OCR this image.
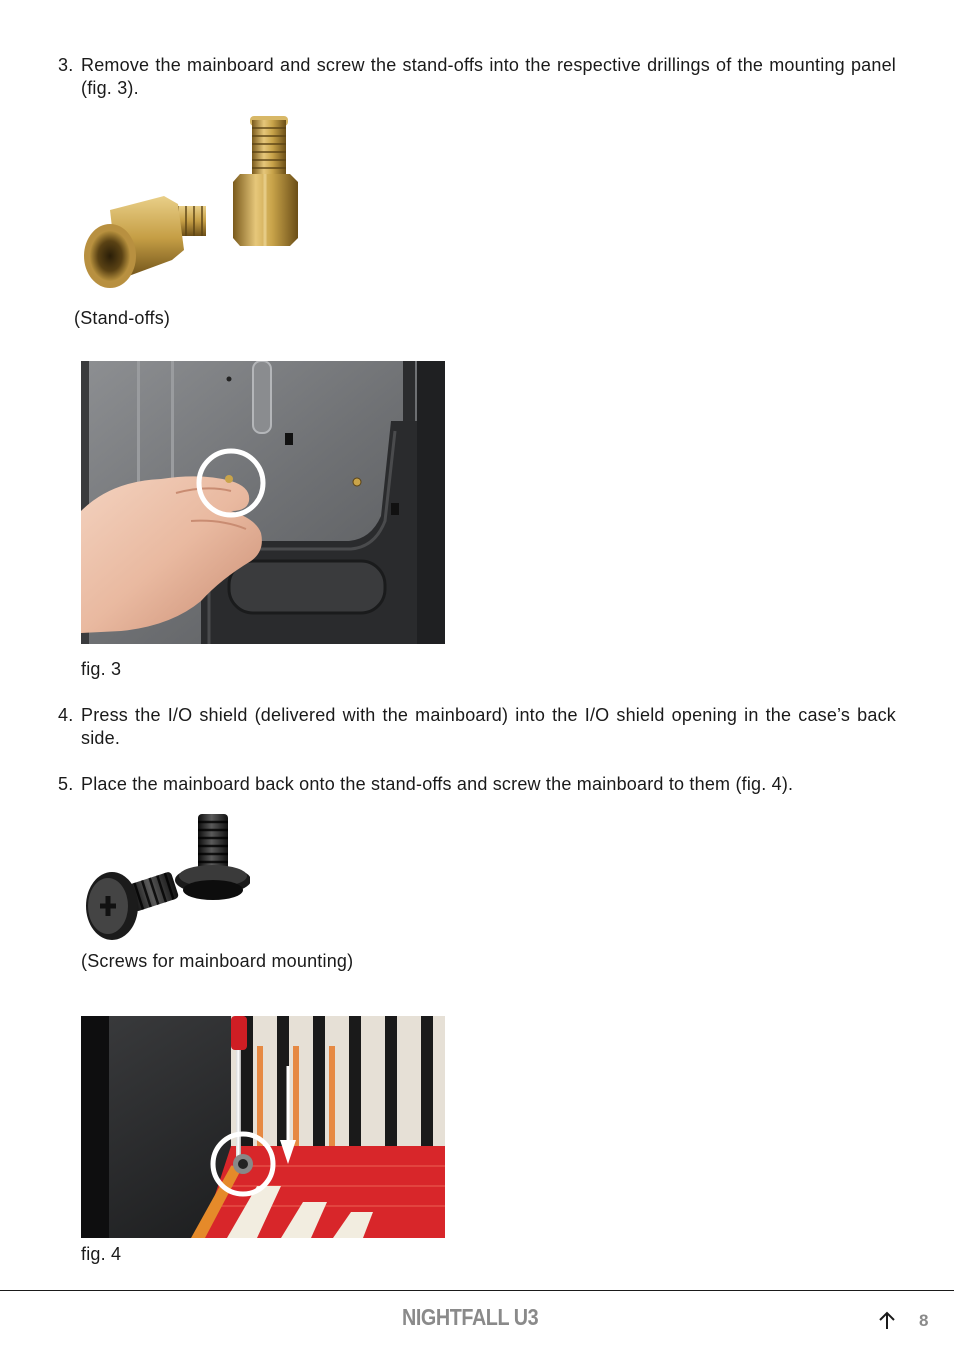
3. Remove the mainboard and screw the stand-offs into the respective drillings of the mounting panel (fig. 3).
(Stand-offs)
fig. 3
4. Press the I/O shield (delivered with the mainboard) into the I/O shield opening in the case’s back side.
5. Place the mainboard back onto the stand-offs and screw the mainboard to them (fig. 4).
(Screws for mainboard mounting)
fig. 4
NIGHTFALL U3	8
